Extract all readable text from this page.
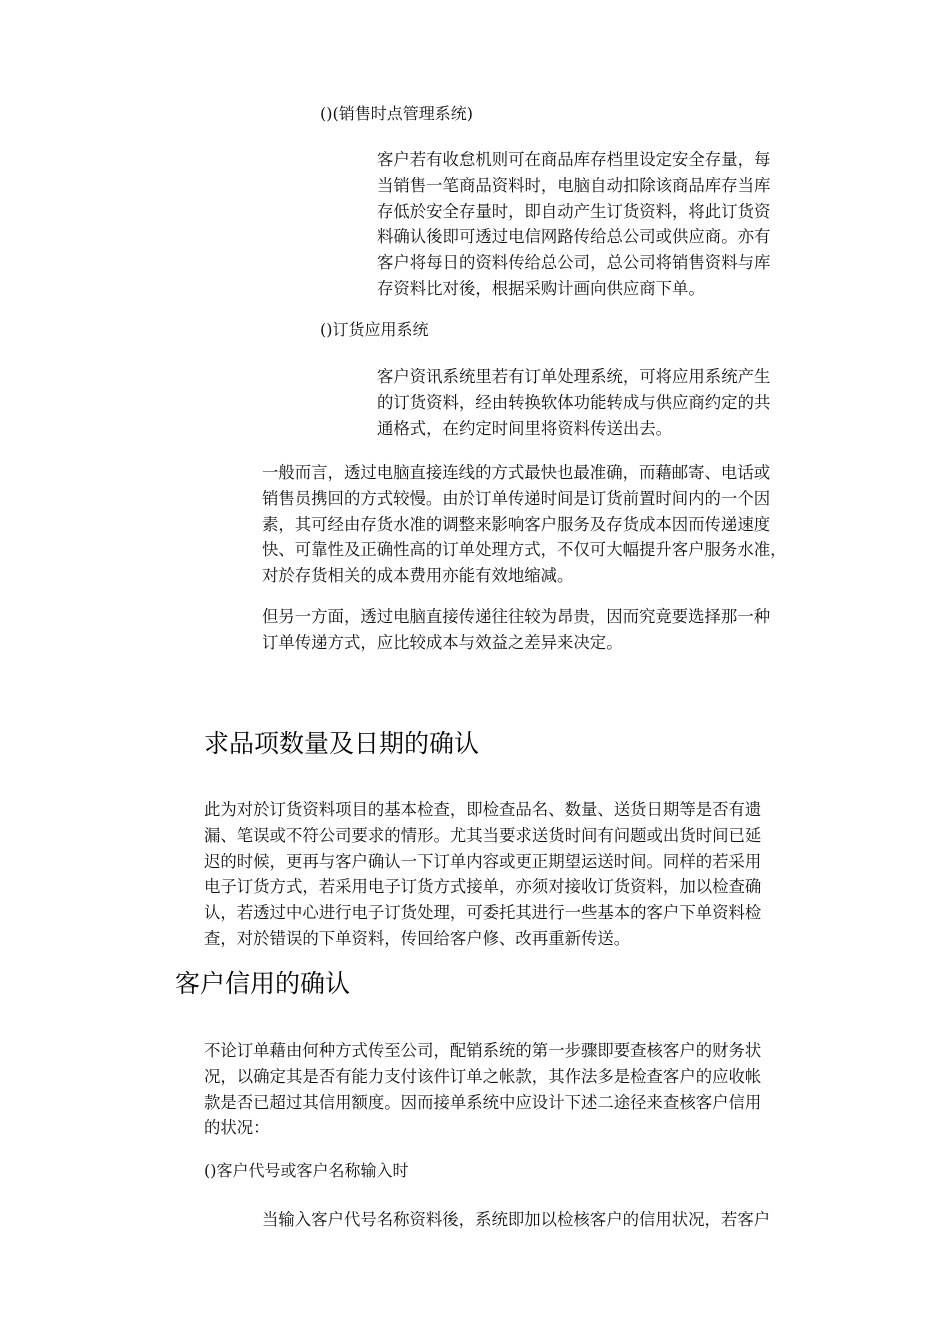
()(销售时点管理系统)
客户若有收怠机则可在商品库存档里设定安全存量，每
当销售一笔商品资料时，电脑自动扣除该商品库存当库
存低於安全存量时，即自动产生订货资料，将此订货资
料确认後即可透过电信网路传给总公司或供应商。亦有
客户将每日的资料传给总公司，总公司将销售资料与库
存资料比对後，根据采购计画向供应商下单。
()订货应用系统
客户资讯系统里若有订单处理系统，可将应用系统产生
的订货资料，经由转换软体功能转成与供应商约定的共
通格式，在约定时间里将资料传送出去。
一般而言，透过电脑直接连线的方式最快也最准确，而藉邮寄、电话或
销售员携回的方式较慢。由於订单传递时间是订货前置时间内的一个因
素，其可经由存货水准的调整来影响客户服务及存货成本因而传递速度
快、可靠性及正确性高的订单处理方式，不仅可大幅提升客户服务水准，
对於存货相关的成本费用亦能有效地缩减。
但另一方面，透过电脑直接传递往往较为昂贵，因而究竟要选择那一种
订单传递方式，应比较成本与效益之差异来决定。
求品项数量及日期的确认
此为对於订货资料项目的基本检查，即检查品名、数量、送货日期等是否有遗
漏、笔误或不符公司要求的情形。尤其当要求送货时间有问题或出货时间已延
迟的时候，更再与客户确认一下订单内容或更正期望运送时间。同样的若采用
电子订货方式，若采用电子订货方式接单，亦须对接收订货资料，加以检查确
认，若透过中心进行电子订货处理，可委托其进行一些基本的客户下单资料检
查，对於错误的下单资料，传回给客户修、改再重新传送。
客户信用的确认
不论订单藉由何种方式传至公司，配销系统的第一步骤即要查核客户的财务状
况，以确定其是否有能力支付该件订单之帐款，其作法多是检查客户的应收帐
款是否已超过其信用额度。因而接单系统中应设计下述二途径来查核客户信用
的状况：
()客户代号或客户名称输入时
当输入客户代号名称资料後，系统即加以检核客户的信用状况，若客户
